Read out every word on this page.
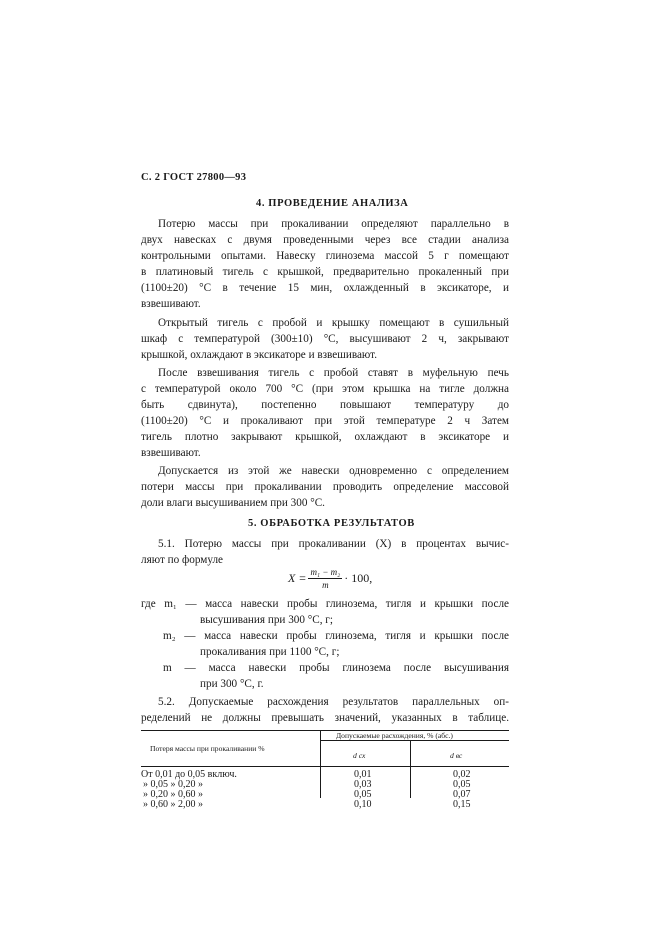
С. 2 ГОСТ 27800—93
4. ПРОВЕДЕНИЕ АНАЛИЗА
Потерю массы при прокаливании определяют параллельно в
двух навесках с двумя проведенными через все стадии анализа
контрольными опытами. Навеску глинозема массой 5 г помещают
в платиновый тигель с крышкой, предварительно прокаленный при
(1100±20) °С в течение 15 мин, охлажденный в эксикаторе, и
взвешивают.
Открытый тигель с пробой и крышку помещают в сушильный
шкаф с температурой (300±10) °С, высушивают 2 ч, закрывают
крышкой, охлаждают в эксикаторе и взвешивают.
После взвешивания тигель с пробой ставят в муфельную печь
с температурой около 700 °С (при этом крышка на тигле должна
быть сдвинута), постепенно повышают температуру до
(1100±20) °С и прокаливают при этой температуре 2 ч Затем
тигель плотно закрывают крышкой, охлаждают в эксикаторе и
взвешивают.
Допускается из этой же навески одновременно с определением
потери массы при прокаливании проводить определение массовой
доли влаги высушиванием при 300 °С.
5. ОБРАБОТКА РЕЗУЛЬТАТОВ
5.1. Потерю массы при прокаливании (X) в процентах вычис-
ляют по формуле
$X = \frac{\text{m₁ − m₂}}{m} \cdot 100$,
где m₁ — масса навески пробы глинозема, тигля и крышки после
высушивания при 300 °С, г;
m₂ — масса навески пробы глинозема, тигля и крышки после
прокаливания при 1100 °С, г;
m — масса навески пробы глинозема после высушивания
при 300 °С, г.
5.2. Допускаемые расхождения результатов параллельных оп-
ределений не должны превышать значений, указанных в таблице.
Потеря массы при прокаливании %
Допускаемые расхождения, % (абс.)
d сх	d вс
От 0,01 до 0,05 включ.	0,01	0,02
» 0,05 » 0,20 »	0,03	0,05
» 0,20 » 0,60 »	0,05	0,07
» 0,60 » 2,00 »	0,10	0,15
